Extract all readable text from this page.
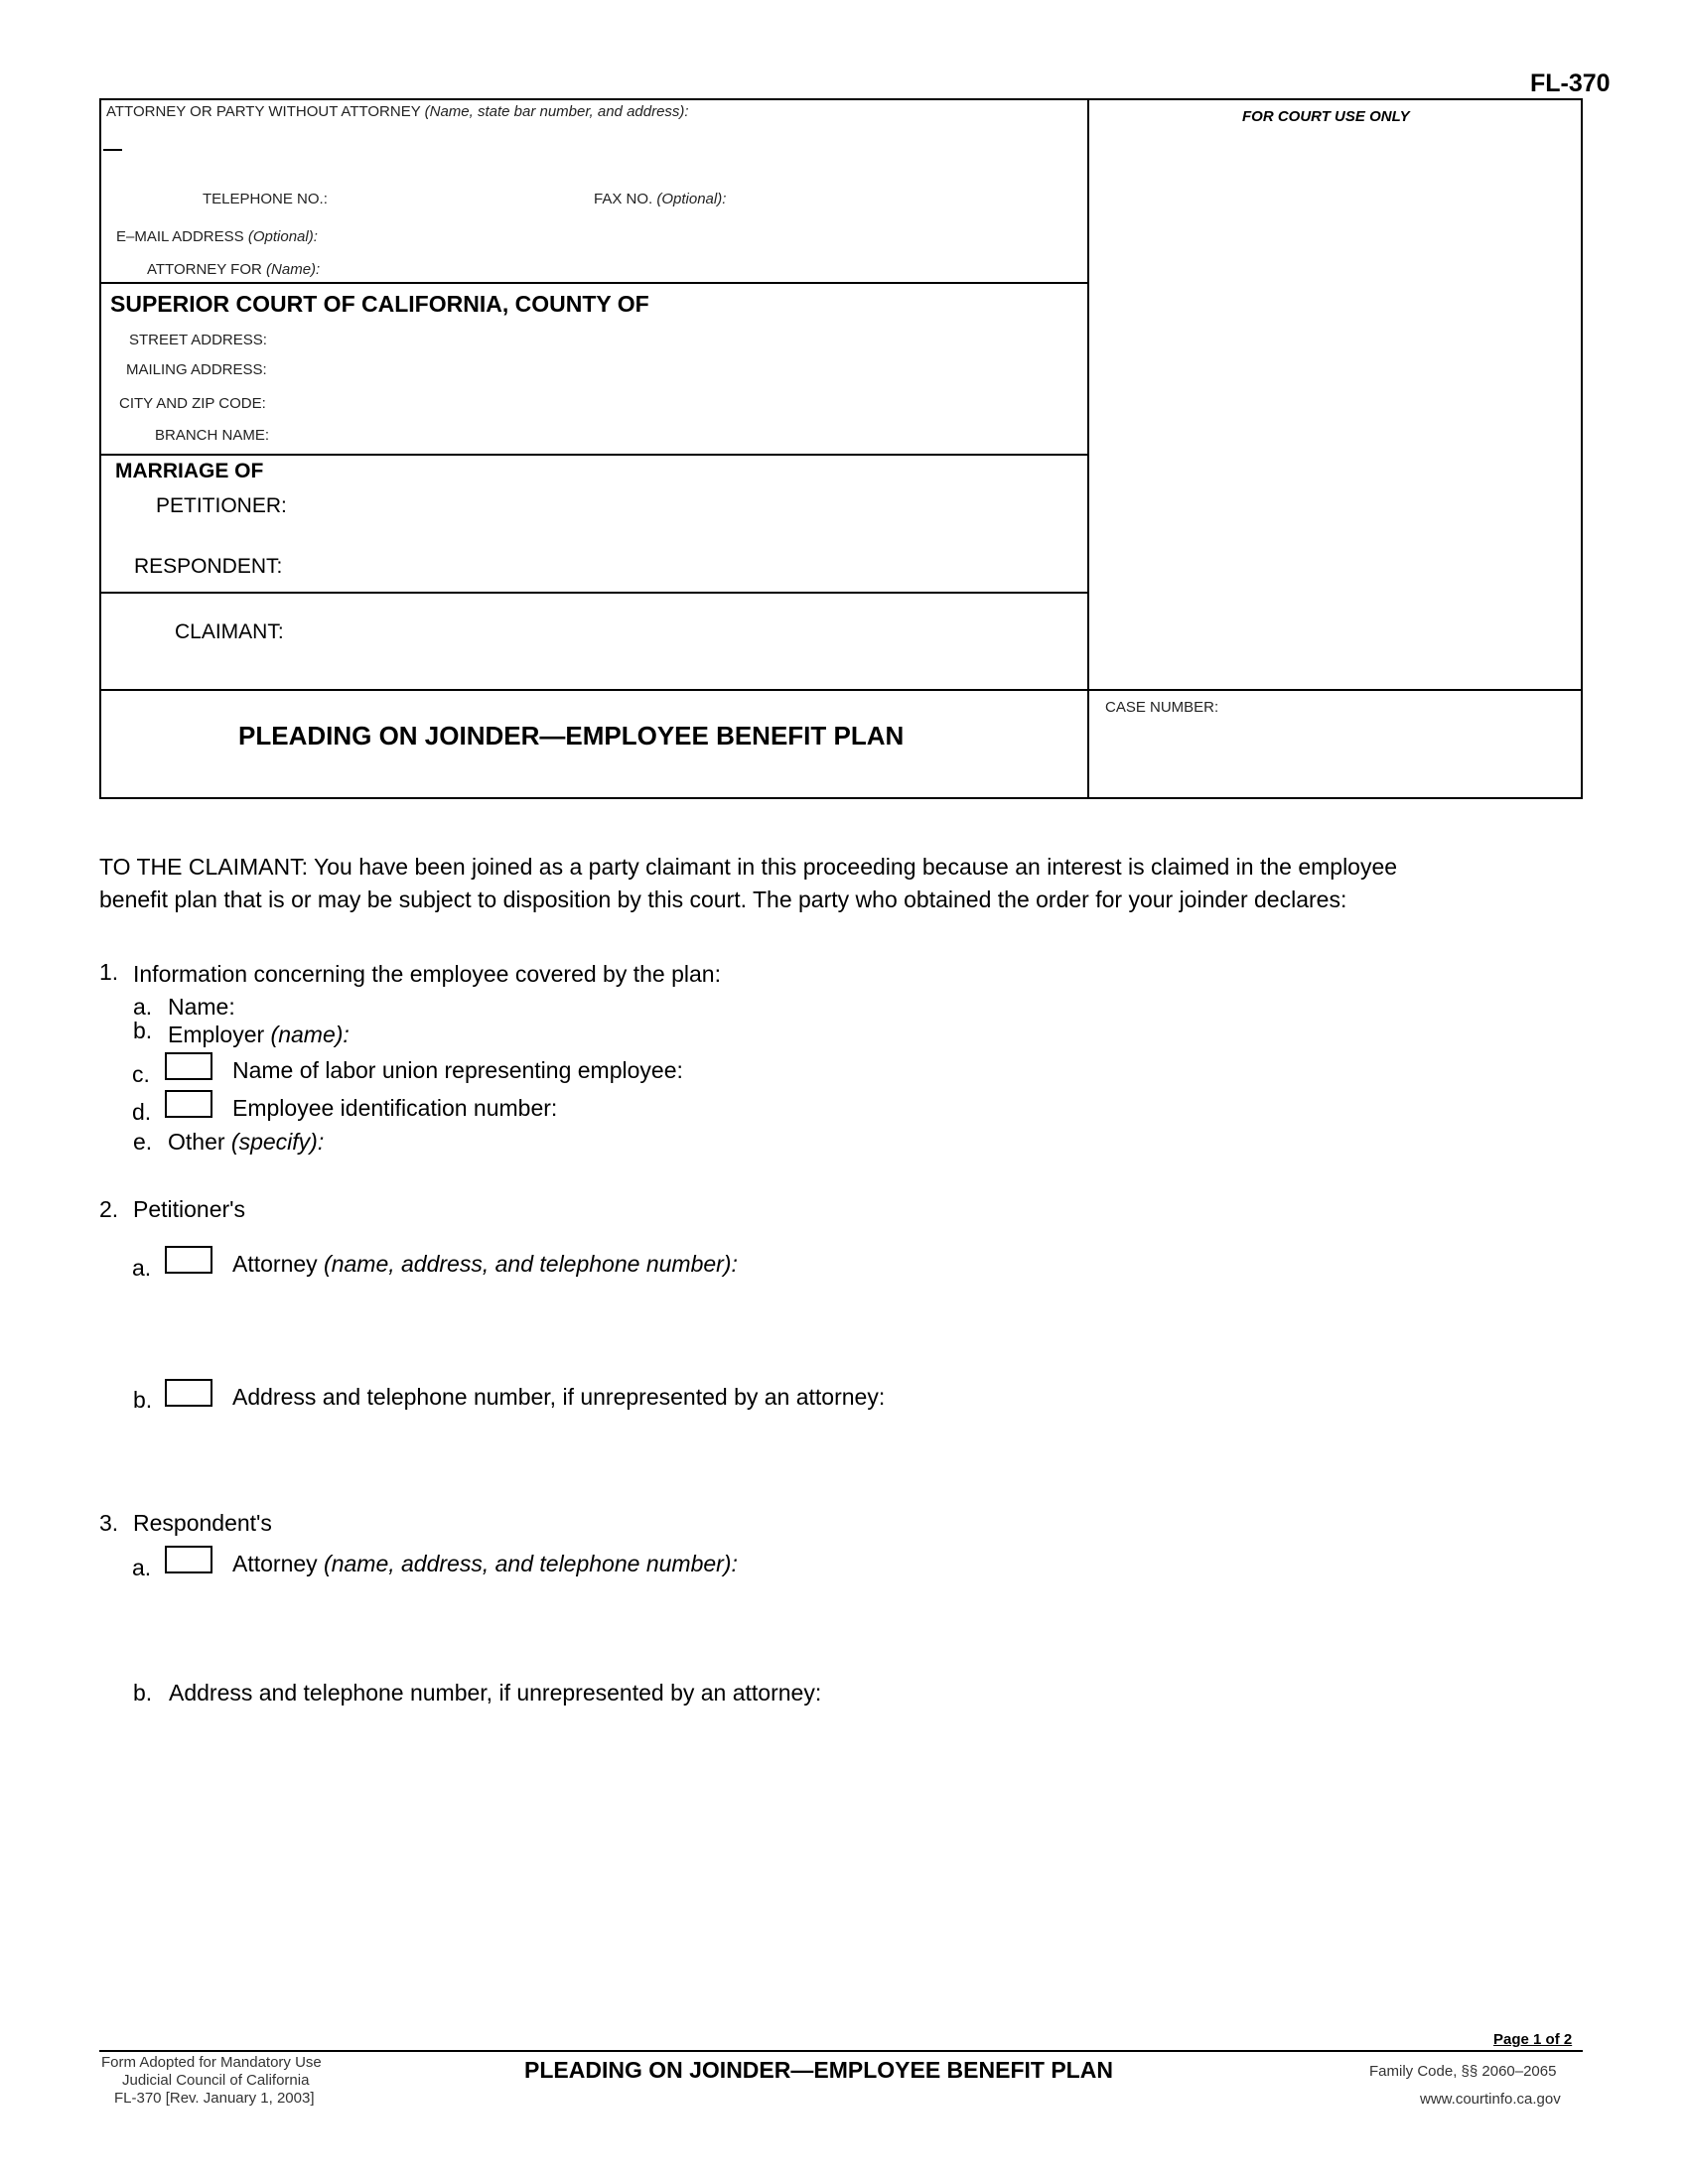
FL-370
ATTORNEY OR PARTY WITHOUT ATTORNEY (Name, state bar number, and address):
TELEPHONE NO.:	FAX NO. (Optional):
E–MAIL ADDRESS (Optional):
ATTORNEY FOR (Name):
FOR COURT USE ONLY
SUPERIOR COURT OF CALIFORNIA, COUNTY OF
STREET ADDRESS:
MAILING ADDRESS:
CITY AND ZIP CODE:
BRANCH NAME:
MARRIAGE OF
PETITIONER:
RESPONDENT:
CLAIMANT:
PLEADING ON JOINDER—EMPLOYEE BENEFIT PLAN
CASE NUMBER:
TO THE CLAIMANT: You have been joined as a party claimant in this proceeding because an interest is claimed in the employee
benefit plan that is or may be subject to disposition by this court. The party who obtained the order for your joinder declares:
1. Information concerning the employee covered by the plan:
a. Name:
b. Employer (name):
c.	Name of labor union representing employee:
d.	Employee identification number:
e. Other (specify):
2. Petitioner's
a.	Attorney (name, address, and telephone number):
b.	Address and telephone number, if unrepresented by an attorney:
3. Respondent's
a.	Attorney (name, address, and telephone number):
b. Address and telephone number, if unrepresented by an attorney:
Page 1 of 2
Form Adopted for Mandatory Use
Judicial Council of California
FL-370 [Rev. January 1, 2003]
PLEADING ON JOINDER—EMPLOYEE BENEFIT PLAN	Family Code, §§ 2060–2065
www.courtinfo.ca.gov
